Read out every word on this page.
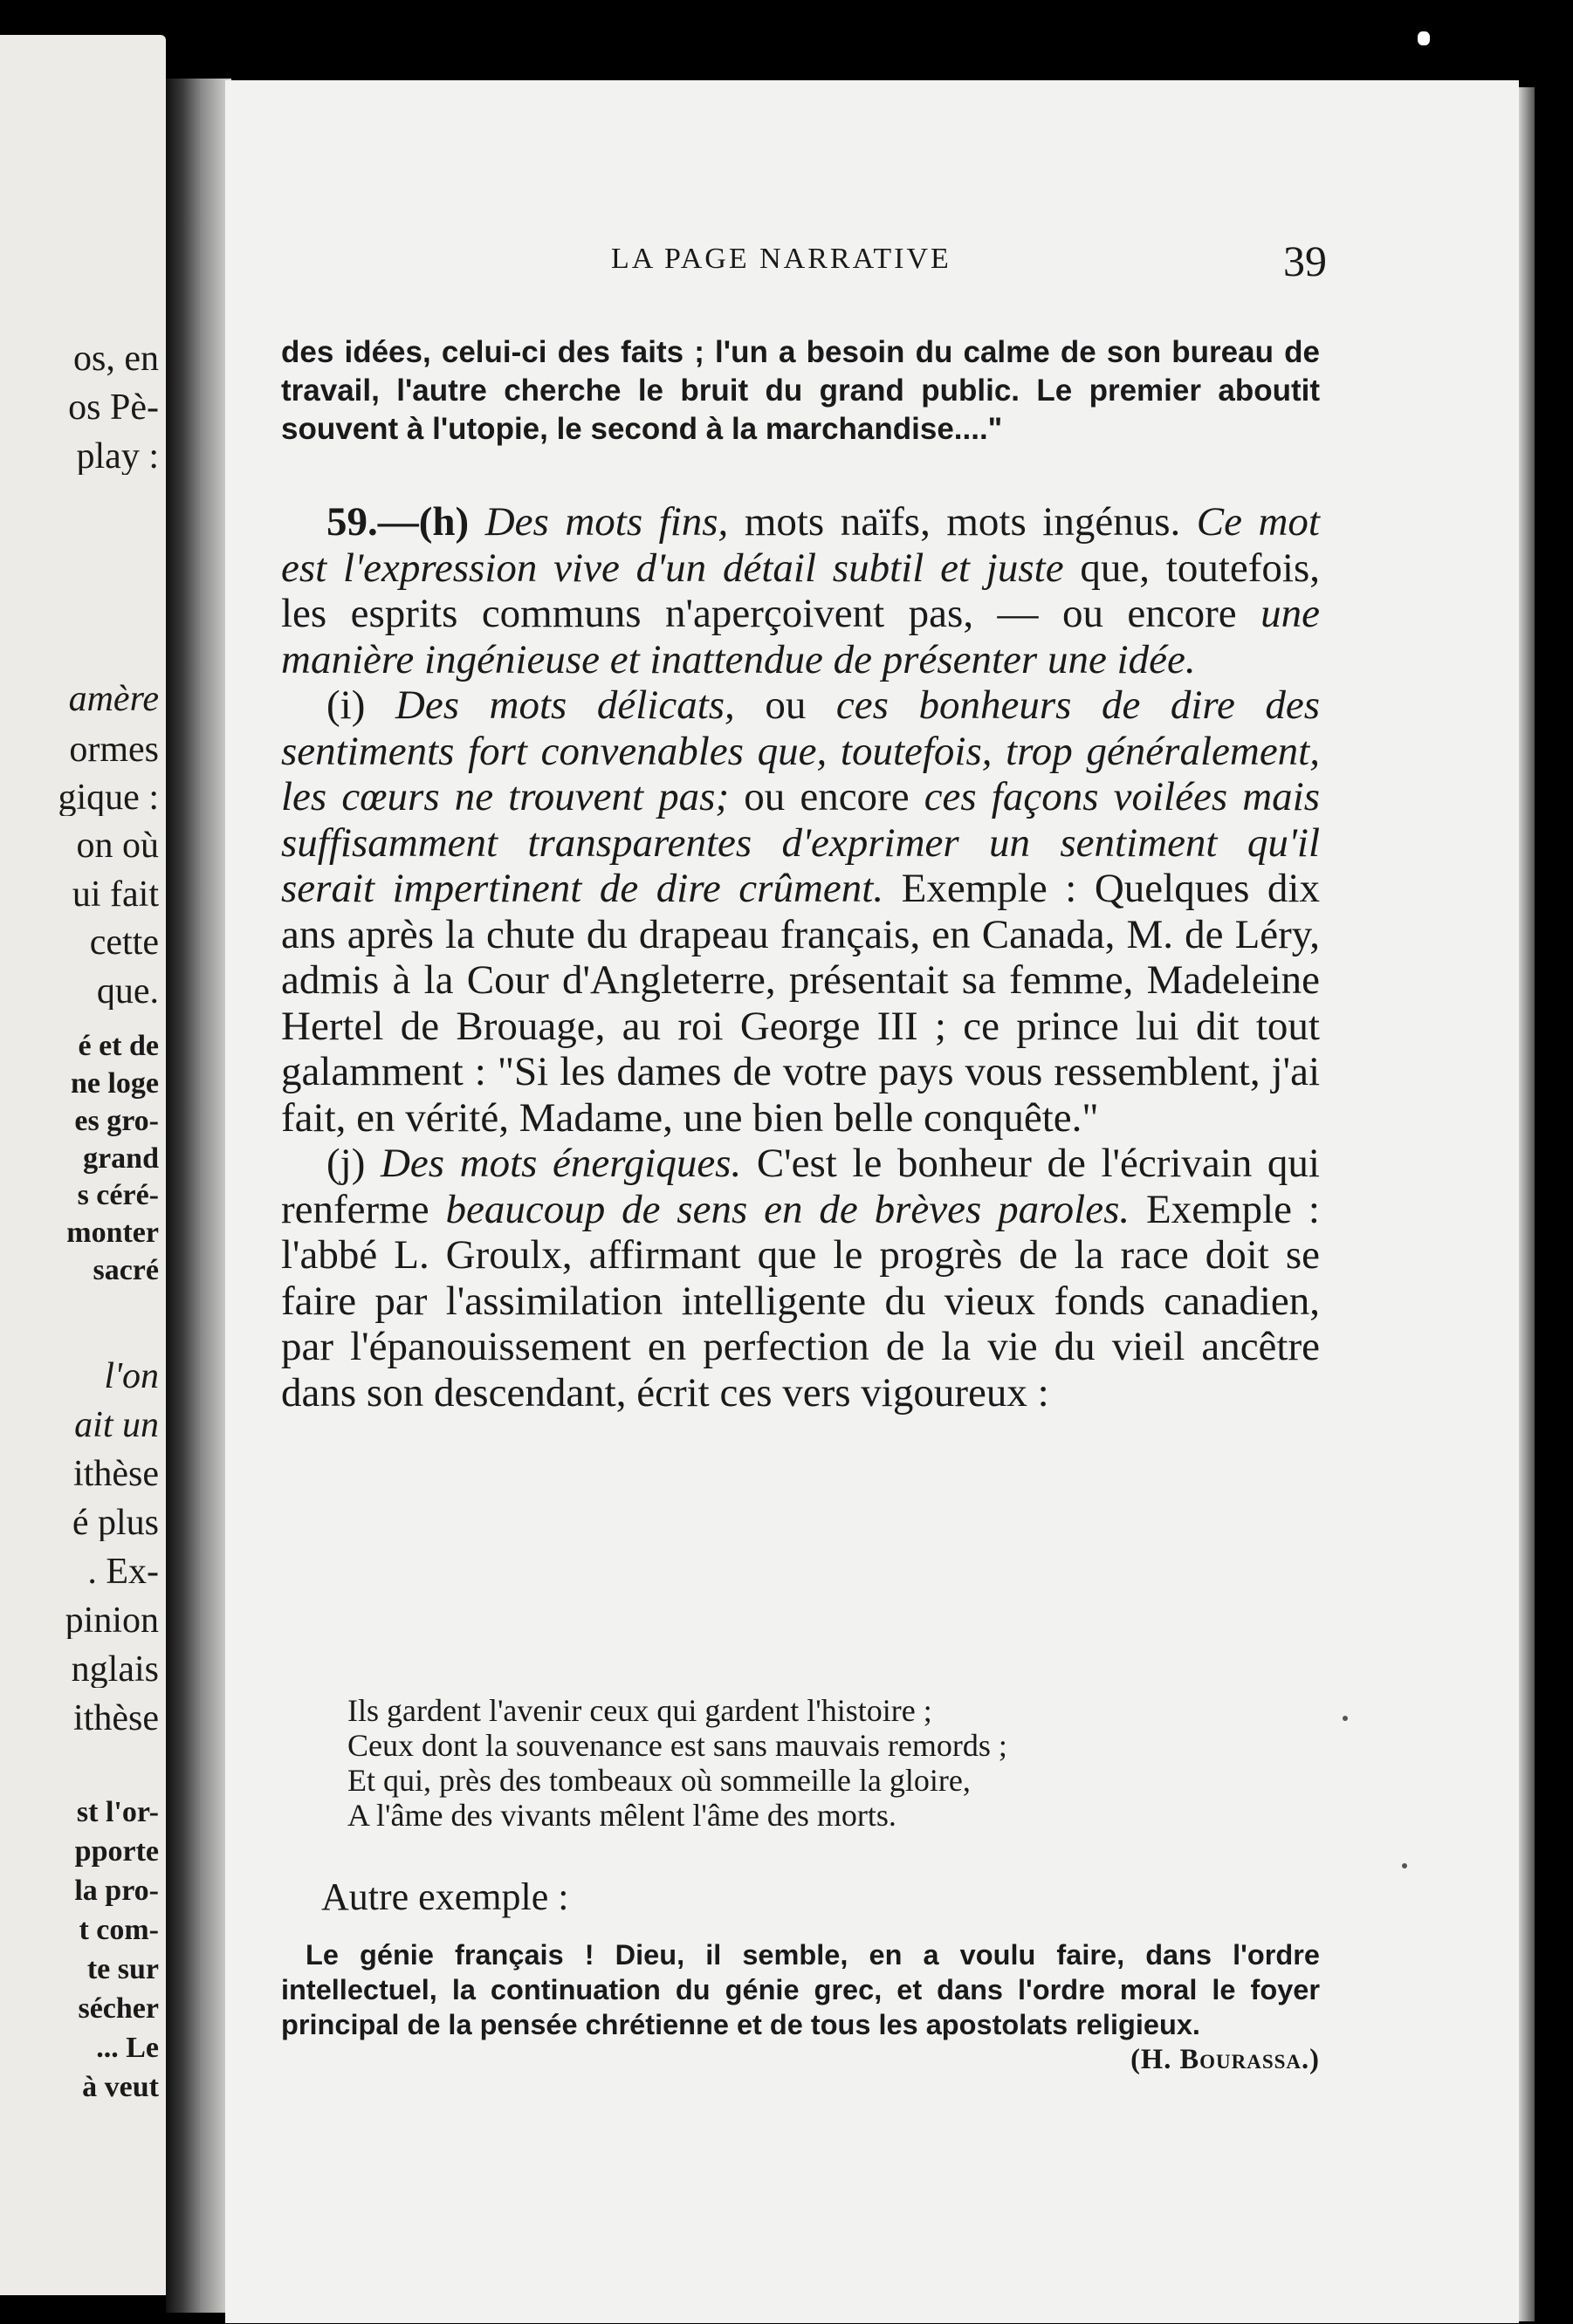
os, en
os Pè-
play :
amère
ormes
gique :
on où
ui fait
cette
que.
é et de
ne loge
es gro-
grand
s céré-
monter
sacré
l'on
ait un
ithèse
é plus
. Ex-
pinion
nglais
ithèse
st l'or-
pporte
la pro-
t com-
te sur
sécher
... Le
à veut
LA PAGE NARRATIVE	39
des idées, celui-ci des faits ; l'un a besoin du calme de son bureau de travail, l'autre cherche le bruit du grand public. Le premier aboutit souvent à l'utopie, le second à la marchandise...."

59.—(h) Des mots fins, mots naïfs, mots ingénus. Ce mot est l'expression vive d'un détail subtil et juste que, toutefois, les esprits communs n'aperçoivent pas, — ou encore une manière ingénieuse et inattendue de présenter une idée.

(i) Des mots délicats, ou ces bonheurs de dire des sentiments fort convenables que, toutefois, trop généralement, les cœurs ne trouvent pas; ou encore ces façons voilées mais suffisamment transparentes d'exprimer un sentiment qu'il serait impertinent de dire crûment. Exemple : Quelques dix ans après la chute du drapeau français, en Canada, M. de Léry, admis à la Cour d'Angleterre, présentait sa femme, Madeleine Hertel de Brouage, au roi George III ; ce prince lui dit tout galamment : "Si les dames de votre pays vous ressemblent, j'ai fait, en vérité, Madame, une bien belle conquête."

(j) Des mots énergiques. C'est le bonheur de l'écrivain qui renferme beaucoup de sens en de brèves paroles. Exemple : l'abbé L. Groulx, affirmant que le progrès de la race doit se faire par l'assimilation intelligente du vieux fonds canadien, par l'épanouissement en perfection de la vie du vieil ancêtre dans son descendant, écrit ces vers vigoureux :

Ils gardent l'avenir ceux qui gardent l'histoire ;
Ceux dont la souvenance est sans mauvais remords ;
Et qui, près des tombeaux où sommeille la gloire,
A l'âme des vivants mêlent l'âme des morts.
Autre exemple :

Le génie français ! Dieu, il semble, en a voulu faire, dans l'ordre intellectuel, la continuation du génie grec, et dans l'ordre moral le foyer principal de la pensée chrétienne et de tous les apostolats religieux.
(H. Bourassa.)
